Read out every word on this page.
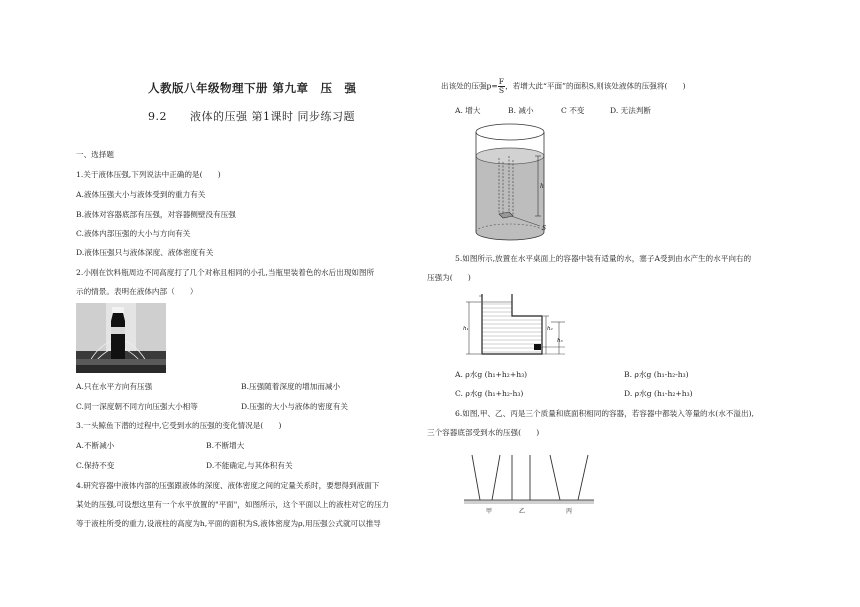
人教版八年级物理下册 第九章　压　强
9.2　　液体的压强 第1课时 同步练习题
一、选择题
1.关于液体压强,下列说法中正确的是(　　)
A.液体压强大小与液体受到的重力有关
B.液体对容器底部有压强，对容器侧壁没有压强
C.液体内部压强的大小与方向有关
D.液体压强只与液体深度、液体密度有关
2.小刚在饮料瓶周边不同高度打了几个对称且相同的小孔,当瓶里装着色的水后出现如图所
示的情景。表明在液体内部（　　）
A.只在水平方向有压强	B.压强随着深度的增加而减小
C.同一深度朝不同方向压强大小相等	D.压强的大小与液体的密度有关
3.一头鲸鱼下潜的过程中,它受到水的压强的变化情况是(　　)
A.不断减小	B.不断增大
C.保持不变	D.不能确定,与其体积有关
4.研究容器中液体内部的压强跟液体的深度、液体密度之间的定量关系时，要想得到液面下
某处的压强,可设想这里有一个水平放置的"平面"，如图所示，这个平面以上的液柱对它的压力
等于液柱所受的重力,设液柱的高度为h,平面的面积为S,液体密度为ρ,用压强公式就可以推导
出该处的压强$p= \frac{F}{S}$ ，若增大此“平面”的面积S,则该处液体的压强将(　　)
A. 增大	B. 减小	C 不变	D. 无法判断
h
S
5.如图所示,放置在水平桌面上的容器中装有适量的水，塞子A受到由水产生的水平向右的
压强为(　　)
h₁	h₂
h₃
A. ρ水g (h₁+h₂+h₃)	B. ρ水g (h₁-h₂-h₃)
C. ρ水g (h₁+h₂-h₃)	D. ρ水g (h₁-h₂+h₃)
6.如图,甲、乙、丙是三个质量和底面积相同的容器，若容器中都装入等量的水(水不溢出),
三个容器底部受到水的压强(　　)
甲	乙	丙
